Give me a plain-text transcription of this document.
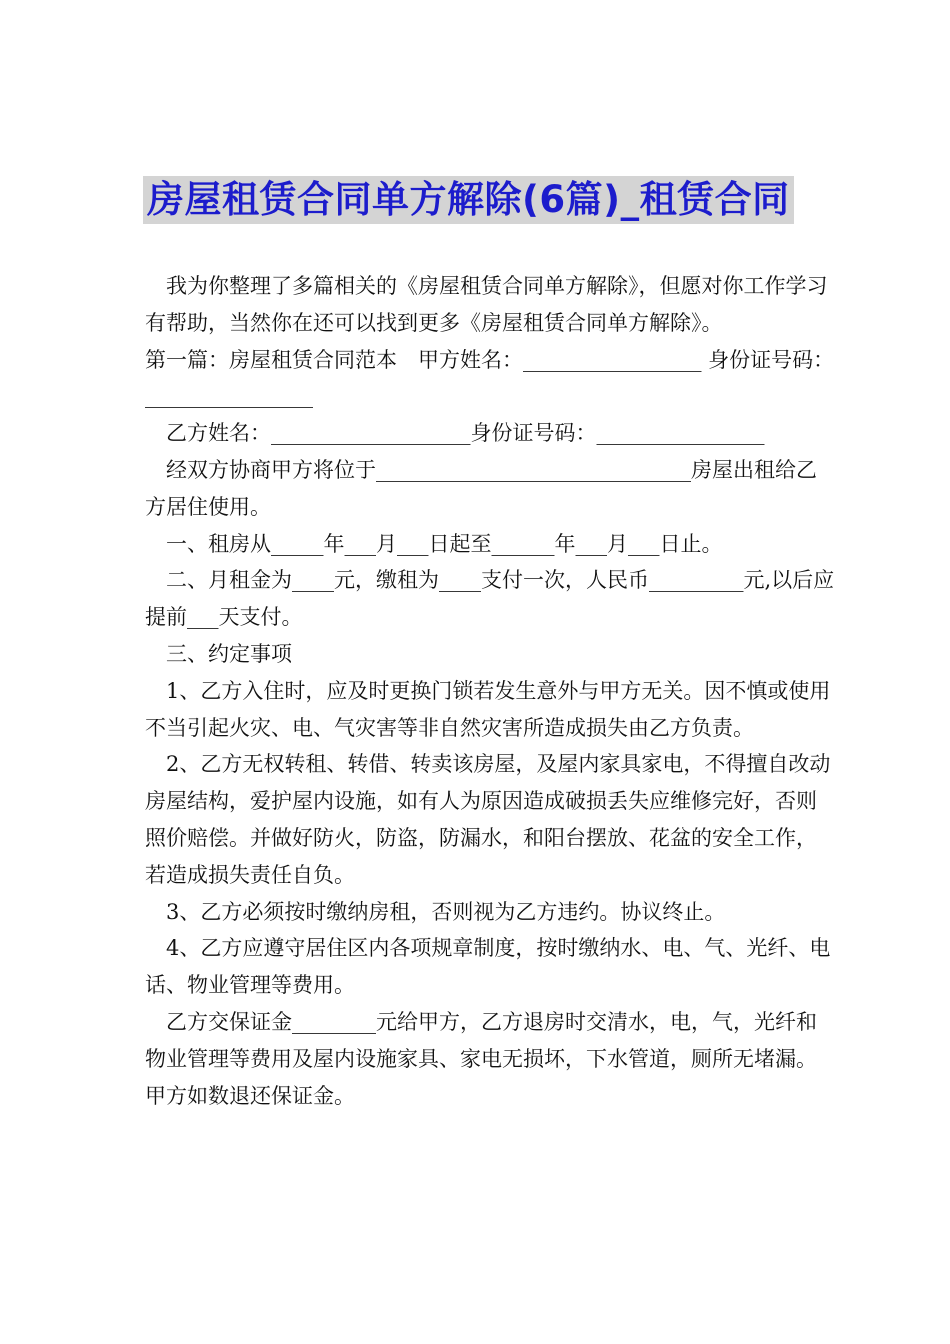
房屋租赁合同单方解除(6篇)_租赁合同

我为你整理了多篇相关的《房屋租赁合同单方解除》，但愿对你工作学习有帮助，当然你在还可以找到更多《房屋租赁合同单方解除》。

第一篇：房屋租赁合同范本　甲方姓名：_________________ 身份证号码：________________

乙方姓名：___________________身份证号码：________________

经双方协商甲方将位于______________________________房屋出租给乙方居住使用。

一、租房从_____年___月___日起至______年___月___日止。

二、月租金为____元，缴租为____支付一次，人民币_________元,以后应提前___天支付。

三、约定事项

1、乙方入住时，应及时更换门锁若发生意外与甲方无关。因不慎或使用不当引起火灾、电、气灾害等非自然灾害所造成损失由乙方负责。

2、乙方无权转租、转借、转卖该房屋，及屋内家具家电，不得擅自改动房屋结构，爱护屋内设施，如有人为原因造成破损丢失应维修完好，否则照价赔偿。并做好防火，防盗，防漏水，和阳台摆放、花盆的安全工作，若造成损失责任自负。

3、乙方必须按时缴纳房租，否则视为乙方违约。协议终止。

4、乙方应遵守居住区内各项规章制度，按时缴纳水、电、气、光纤、电话、物业管理等费用。

乙方交保证金________元给甲方，乙方退房时交清水，电，气，光纤和物业管理等费用及屋内设施家具、家电无损坏，下水管道，厕所无堵漏。甲方如数退还保证金。
